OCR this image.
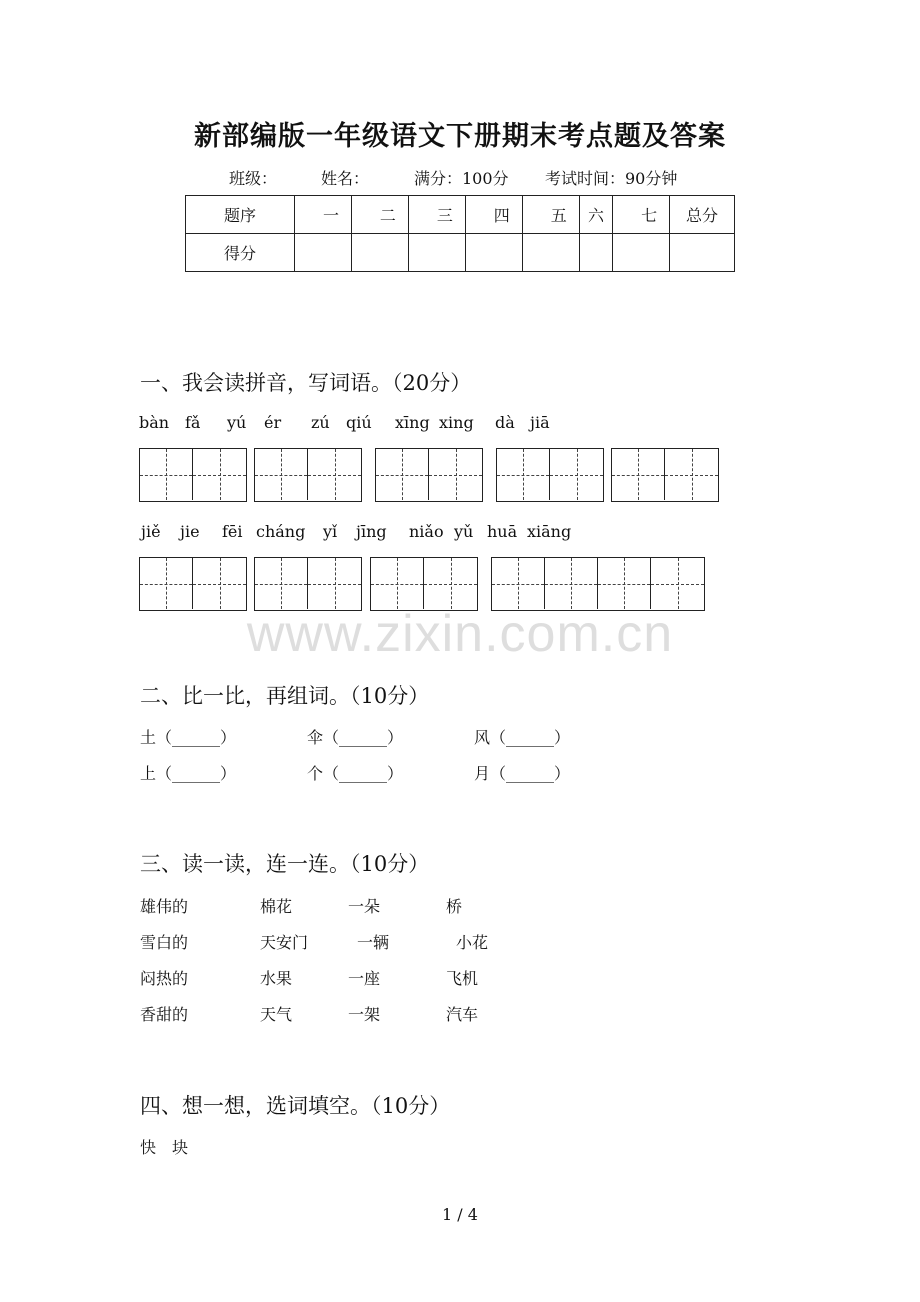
新部编版一年级语文下册期末考点题及答案
班级：	姓名：	满分：100分 考试时间：90分钟
题序	一	二	三	四	五	六	七	总分
得分								
一、我会读拼音，写词语。（20分）
bàn fǎ yú ér zú qiú xīng xing dà jiā
jiě jie fēi cháng yǐ jīng niǎo yǔ huā xiāng
www.zixin.com.cn
二、比一比，再组词。（10分）
土（______）	伞（______）	风（______）
上（______）	个（______）	月（______）
三、读一读，连一连。（10分）
雄伟的	棉花	一朵	桥
雪白的	天安门	一辆	小花
闷热的	水果	一座	飞机
香甜的	天气	一架	汽车
四、想一想，选词填空。（10分）
快　块
1 / 4
